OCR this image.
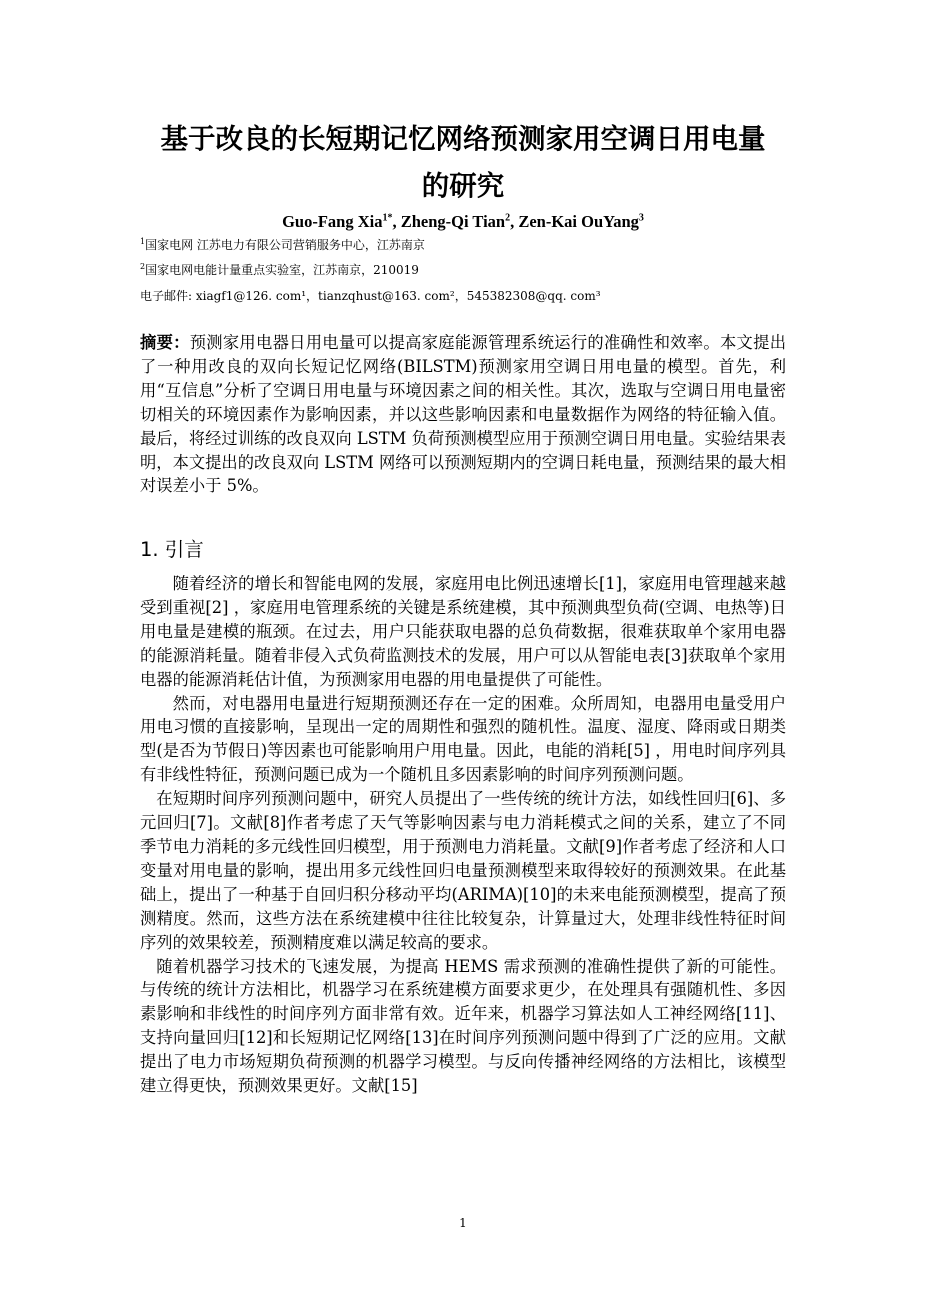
基于改良的长短期记忆网络预测家用空调日用电量
的研究
Guo-Fang Xia$^{1*}$, Zheng-Qi Tian$^2$, Zen-Kai OuYang$^3$
$^1$国家电网 江苏电力有限公司营销服务中心，江苏南京
$^2$国家电网电能计量重点实验室，江苏南京，210019
电子邮件: xiagf1@126. com¹，tianzqhust@163. com²，545382308@qq. com³
摘要：预测家用电器日用电量可以提高家庭能源管理系统运行的准确性和效率。本文提出了一种用改良的双向长短记忆网络(BILSTM)预测家用空调日用电量的模型。首先，利用“互信息”分析了空调日用电量与环境因素之间的相关性。其次，选取与空调日用电量密切相关的环境因素作为影响因素，并以这些影响因素和电量数据作为网络的特征输入值。最后，将经过训练的改良双向 LSTM 负荷预测模型应用于预测空调日用电量。实验结果表明，本文提出的改良双向 LSTM 网络可以预测短期内的空调日耗电量，预测结果的最大相对误差小于 5%。
1. 引言

随着经济的增长和智能电网的发展，家庭用电比例迅速增长[1]，家庭用电管理越来越受到重视[2] ，家庭用电管理系统的关键是系统建模，其中预测典型负荷(空调、电热等)日用电量是建模的瓶颈。在过去，用户只能获取电器的总负荷数据，很难获取单个家用电器的能源消耗量。随着非侵入式负荷监测技术的发展，用户可以从智能电表[3]获取单个家用电器的能源消耗估计值，为预测家用电器的用电量提供了可能性。

然而，对电器用电量进行短期预测还存在一定的困难。众所周知，电器用电量受用户用电习惯的直接影响，呈现出一定的周期性和强烈的随机性。温度、湿度、降雨或日期类型(是否为节假日)等因素也可能影响用户用电量。因此，电能的消耗[5] ，用电时间序列具有非线性特征，预测问题已成为一个随机且多因素影响的时间序列预测问题。

在短期时间序列预测问题中，研究人员提出了一些传统的统计方法，如线性回归[6]、多元回归[7]。文献[8]作者考虑了天气等影响因素与电力消耗模式之间的关系，建立了不同季节电力消耗的多元线性回归模型，用于预测电力消耗量。文献[9]作者考虑了经济和人口变量对用电量的影响，提出用多元线性回归电量预测模型来取得较好的预测效果。在此基础上，提出了一种基于自回归积分移动平均(ARIMA)[10]的未来电能预测模型，提高了预测精度。然而，这些方法在系统建模中往往比较复杂，计算量过大，处理非线性特征时间序列的效果较差，预测精度难以满足较高的要求。

随着机器学习技术的飞速发展，为提高 HEMS 需求预测的准确性提供了新的可能性。与传统的统计方法相比，机器学习在系统建模方面要求更少，在处理具有强随机性、多因素影响和非线性的时间序列方面非常有效。近年来，机器学习算法如人工神经网络[11]、支持向量回归[12]和长短期记忆网络[13]在时间序列预测问题中得到了广泛的应用。文献提出了电力市场短期负荷预测的机器学习模型。与反向传播神经网络的方法相比，该模型建立得更快，预测效果更好。文献[15]

1
